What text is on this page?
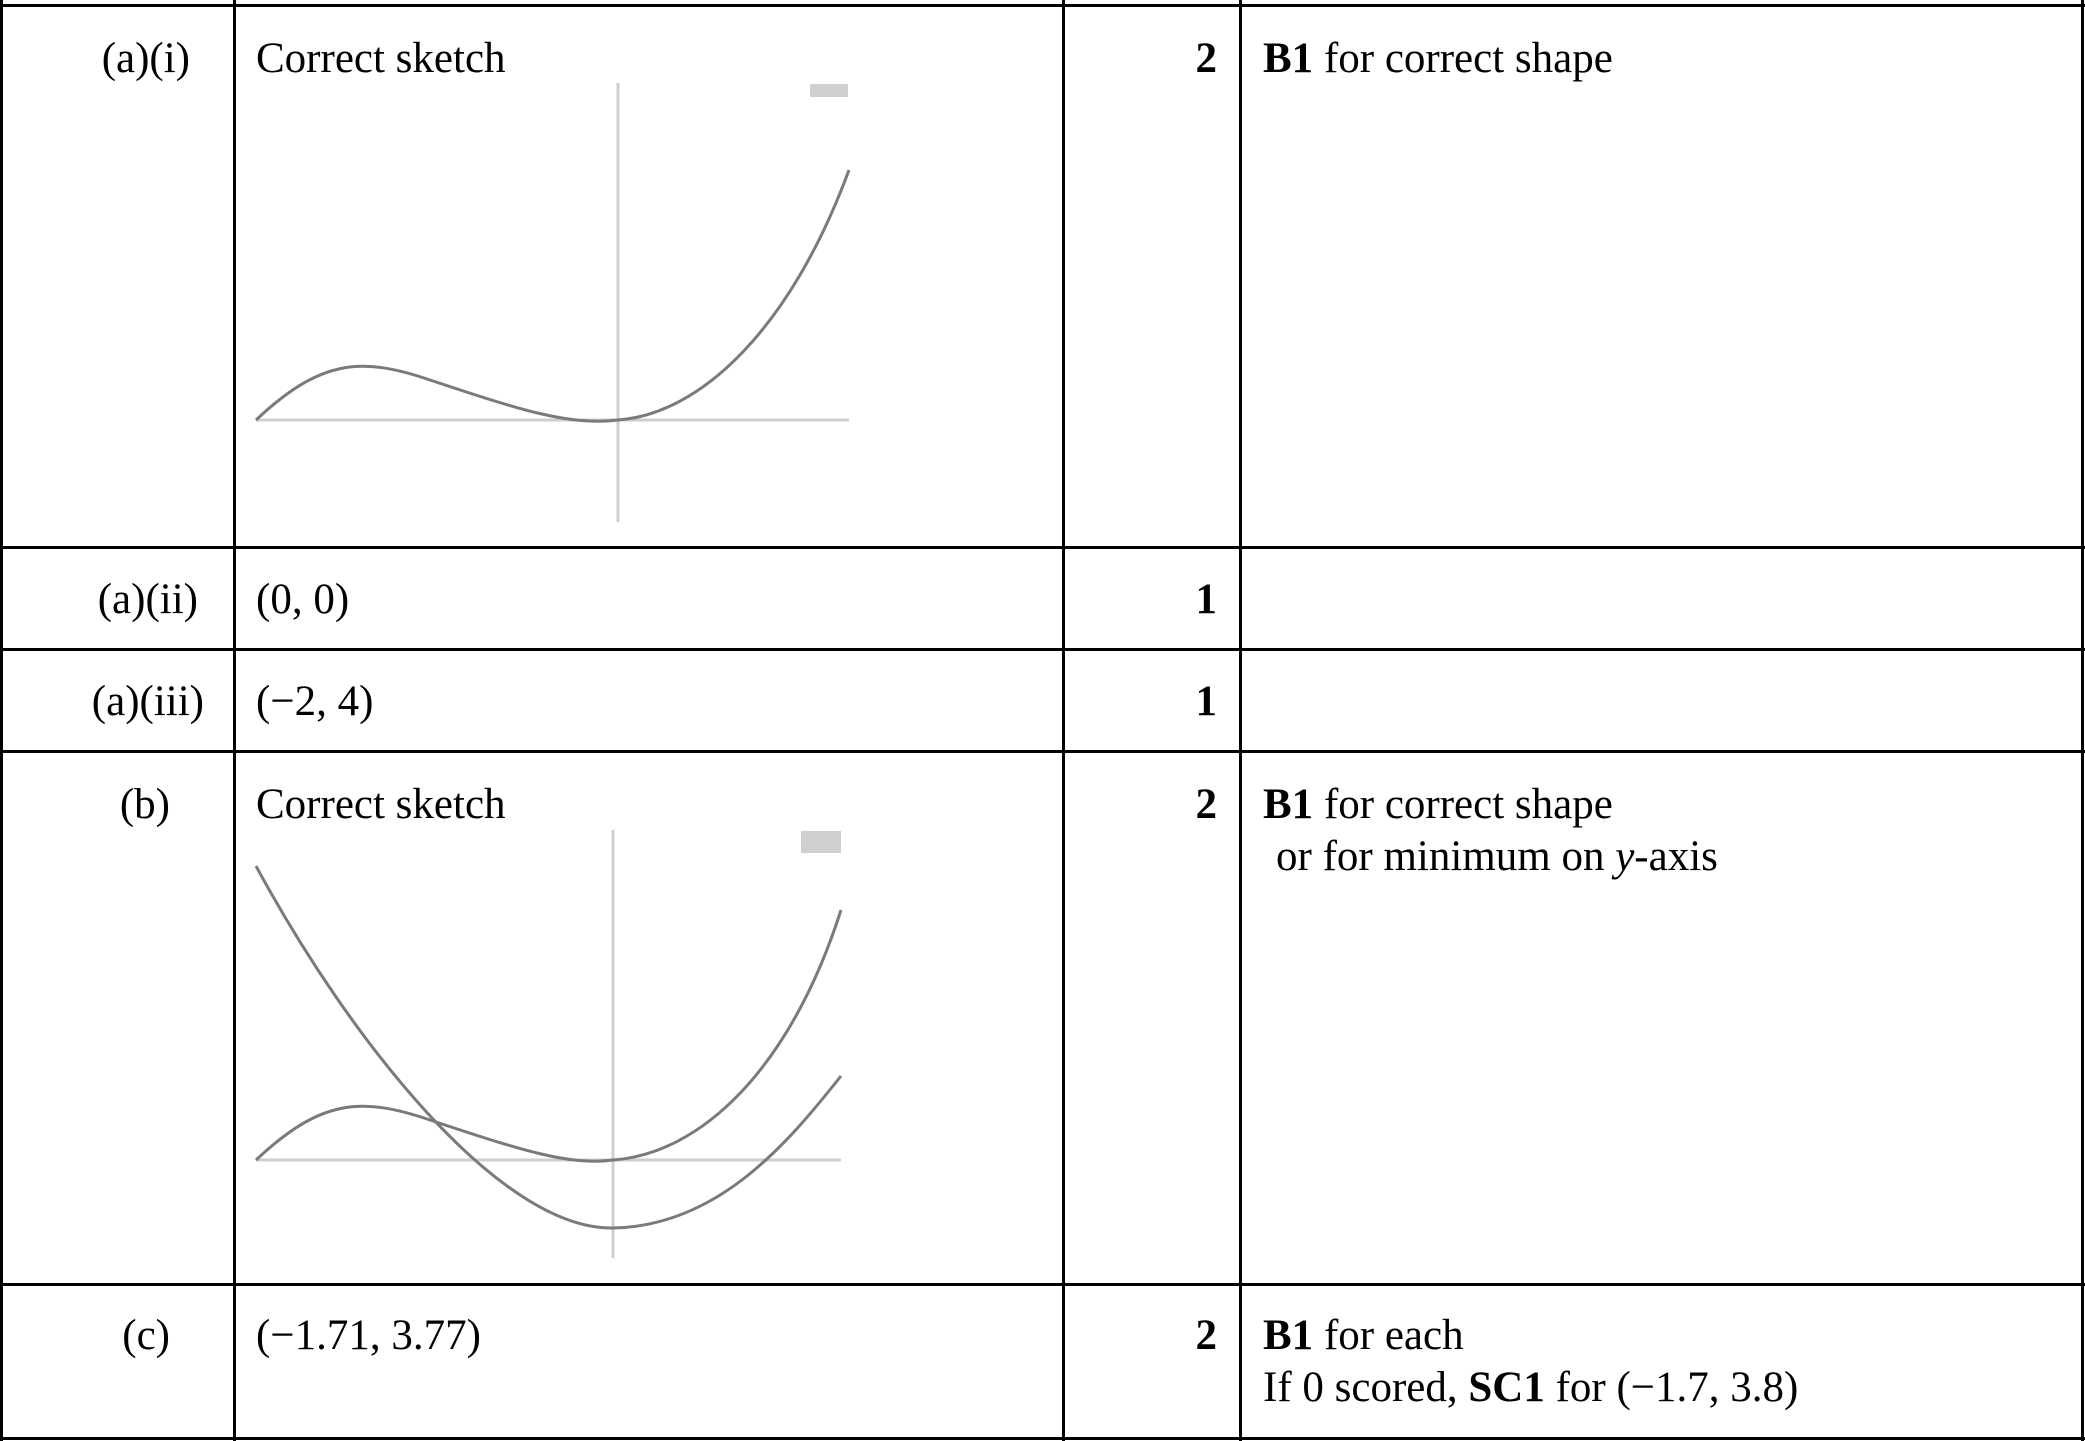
(a)(i) Correct sketch	2 B1 for correct shape
(a)(ii) (0, 0)	1
(a)(iii) (−2, 4)	1
(b) Correct sketch	2 B1 for correct shape
or for minimum on y-axis
(c) (−1.71, 3.77)	2 B1 for each
If 0 scored, SC1 for (−1.7, 3.8)
